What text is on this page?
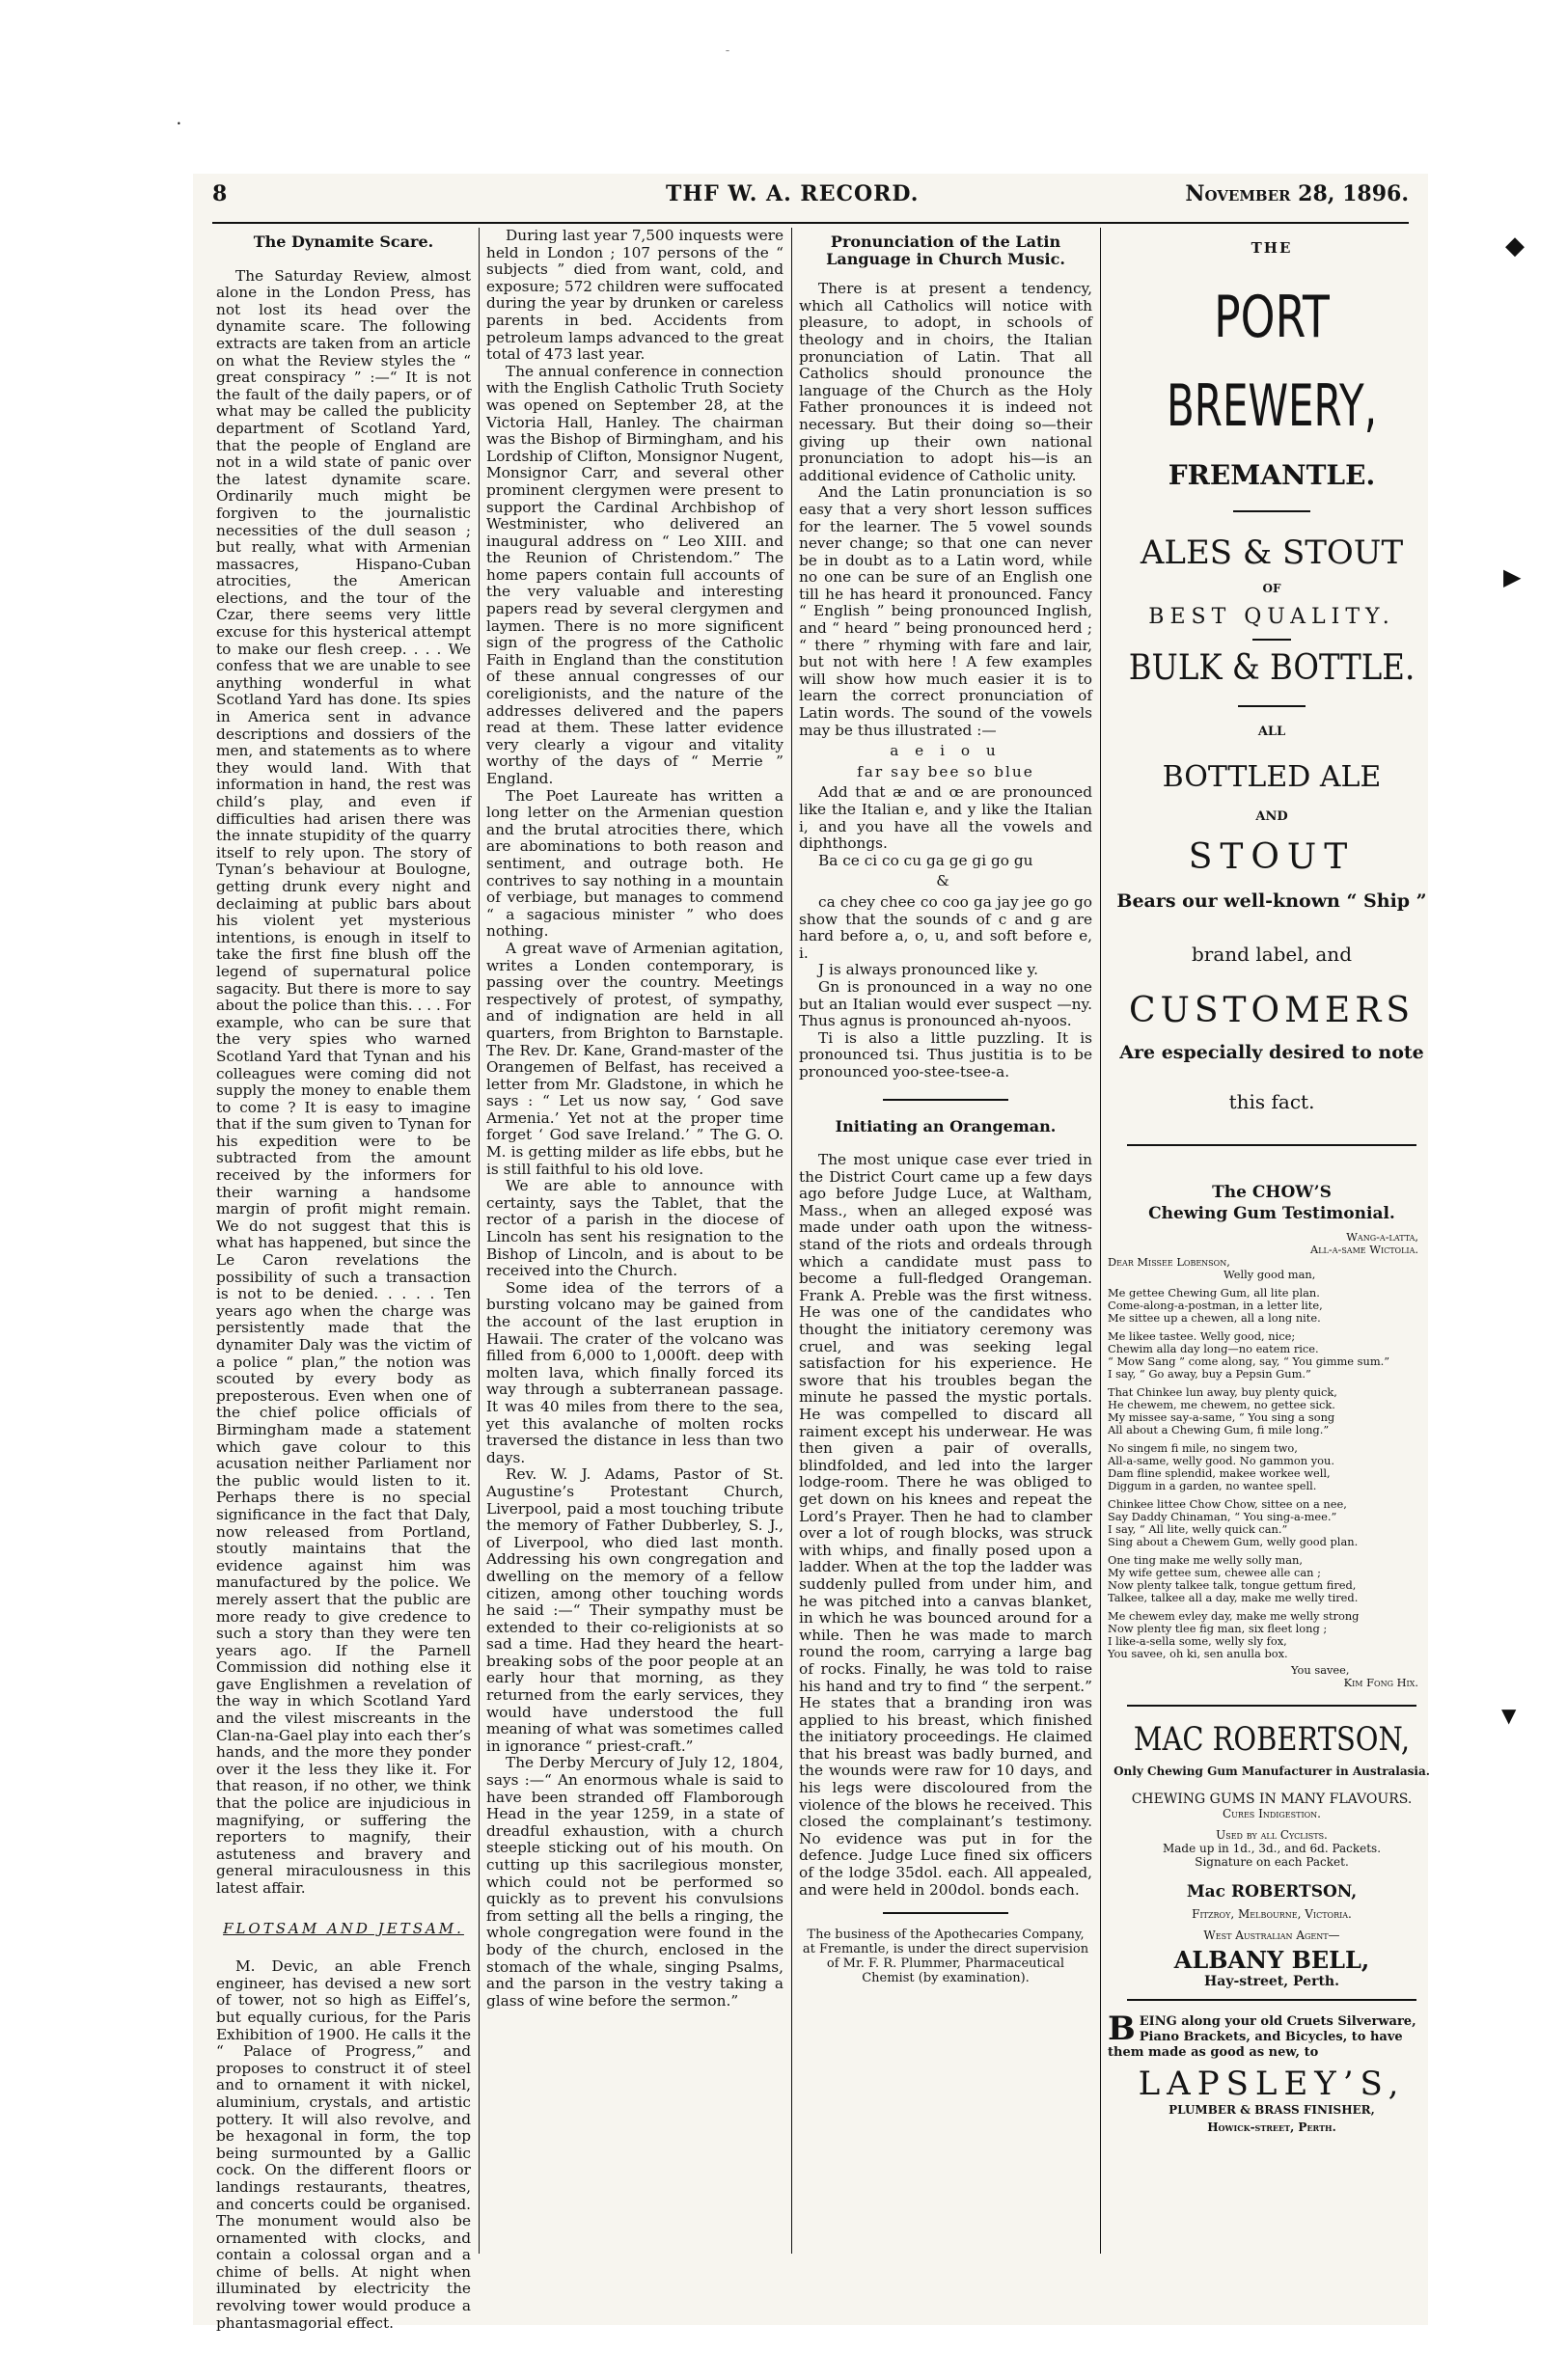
•
–
◆
▶
▼
8	THF W. A. RECORD.	November 28, 1896.
The Dynamite Scare.

The Saturday Review, almost alone in the London Press, has not lost its head over the dynamite scare. The following extracts are taken from an article on what the Review styles the “ great conspiracy ” :—“ It is not the fault of the daily papers, or of what may be called the publicity department of Scotland Yard, that the people of England are not in a wild state of panic over the latest dynamite scare. Ordinarily much might be forgiven to the journalistic necessities of the dull season ; but really, what with Armenian massacres, Hispano-Cuban atrocities, the American elections, and the tour of the Czar, there seems very little excuse for this hysterical attempt to make our flesh creep. . . . We confess that we are unable to see anything wonderful in what Scotland Yard has done. Its spies in America sent in advance descriptions and dossiers of the men, and statements as to where they would land. With that information in hand, the rest was child’s play, and even if difficulties had arisen there was the innate stupidity of the quarry itself to rely upon. The story of Tynan’s behaviour at Boulogne, getting drunk every night and declaiming at public bars about his violent yet mysterious intentions, is enough in itself to take the first fine blush off the legend of supernatural police sagacity. But there is more to say about the police than this. . . . For example, who can be sure that the very spies who warned Scotland Yard that Tynan and his colleagues were coming did not supply the money to enable them to come ? It is easy to imagine that if the sum given to Tynan for his expedition were to be subtracted from the amount received by the informers for their warning a handsome margin of profit might remain. We do not suggest that this is what has happened, but since the Le Caron revelations the possibility of such a transaction is not to be denied. . . . . Ten years ago when the charge was persistently made that the dynamiter Daly was the victim of a police “ plan,” the notion was scouted by every body as preposterous. Even when one of the chief police officials of Birmingham made a statement which gave colour to this acusation neither Parliament nor the public would listen to it. Perhaps there is no special significance in the fact that Daly, now released from Portland, stoutly maintains that the evidence against him was manufactured by the police. We merely assert that the public are more ready to give credence to such a story than they were ten years ago. If the Parnell Commission did nothing else it gave Englishmen a revelation of the way in which Scotland Yard and the vilest miscreants in the Clan-na-Gael play into each ther’s hands, and the more they ponder over it the less they like it. For that reason, if no other, we think that the police are injudicious in magnifying, or suffering the reporters to magnify, their astuteness and bravery and general miraculousness in this latest affair.

FLOTSAM AND JETSAM.

M. Devic, an able French engineer, has devised a new sort of tower, not so high as Eiffel’s, but equally curious, for the Paris Exhibition of 1900. He calls it the “ Palace of Progress,” and proposes to construct it of steel and to ornament it with nickel, aluminium, crystals, and artistic pottery. It will also revolve, and be hexagonal in form, the top being surmounted by a Gallic cock. On the different floors or landings restaurants, theatres, and concerts could be organised. The monument would also be ornamented with clocks, and contain a colossal organ and a chime of bells. At night when illuminated by electricity the revolving tower would produce a phantasmagorial effect.

During last year 7,500 inquests were held in London ; 107 persons of the “ subjects ” died from want, cold, and exposure; 572 children were suffocated during the year by drunken or careless parents in bed. Accidents from petroleum lamps advanced to the great total of 473 last year.

The annual conference in connection with the English Catholic Truth Society was opened on September 28, at the Victoria Hall, Hanley. The chairman was the Bishop of Birmingham, and his Lordship of Clifton, Monsignor Nugent, Monsignor Carr, and several other prominent clergymen were present to support the Cardinal Archbishop of Westminister, who delivered an inaugural address on “ Leo XIII. and the Reunion of Christendom.” The home papers contain full accounts of the very valuable and interesting papers read by several clergymen and laymen. There is no more significent sign of the progress of the Catholic Faith in England than the constitution of these annual congresses of our coreligionists, and the nature of the addresses delivered and the papers read at them. These latter evidence very clearly a vigour and vitality worthy of the days of “ Merrie ” England.

The Poet Laureate has written a long letter on the Armenian question and the brutal atrocities there, which are abominations to both reason and sentiment, and outrage both. He contrives to say nothing in a mountain of verbiage, but manages to commend “ a sagacious minister ” who does nothing.

A great wave of Armenian agitation, writes a Londen contemporary, is passing over the country. Meetings respectively of protest, of sympathy, and of indignation are held in all quarters, from Brighton to Barnstaple. The Rev. Dr. Kane, Grand-master of the Orangemen of Belfast, has received a letter from Mr. Gladstone, in which he says : “ Let us now say, ‘ God save Armenia.’ Yet not at the proper time forget ‘ God save Ireland.’ ” The G. O. M. is getting milder as life ebbs, but he is still faithful to his old love.

We are able to announce with certainty, says the Tablet, that the rector of a parish in the diocese of Lincoln has sent his resignation to the Bishop of Lincoln, and is about to be received into the Church.

Some idea of the terrors of a bursting volcano may be gained from the account of the last eruption in Hawaii. The crater of the volcano was filled from 6,000 to 1,000ft. deep with molten lava, which finally forced its way through a subterranean passage. It was 40 miles from there to the sea, yet this avalanche of molten rocks traversed the distance in less than two days.

Rev. W. J. Adams, Pastor of St. Augustine’s Protestant Church, Liverpool, paid a most touching tribute the memory of Father Dubberley, S. J., of Liverpool, who died last month. Addressing his own congregation and dwelling on the memory of a fellow citizen, among other touching words he said :—“ Their sympathy must be extended to their co-religionists at so sad a time. Had they heard the heart-breaking sobs of the poor people at an early hour that morning, as they returned from the early services, they would have understood the full meaning of what was sometimes called in ignorance “ priest-craft.”

The Derby Mercury of July 12, 1804, says :—“ An enormous whale is said to have been stranded off Flamborough Head in the year 1259, in a state of dreadful exhaustion, with a church steeple sticking out of his mouth. On cutting up this sacrilegious monster, which could not be performed so quickly as to prevent his convulsions from setting all the bells a ringing, the whole congregation were found in the body of the church, enclosed in the stomach of the whale, singing Psalms, and the parson in the vestry taking a glass of wine before the sermon.”

Pronunciation of the Latin Language in Church Music.

There is at present a tendency, which all Catholics will notice with pleasure, to adopt, in schools of theology and in choirs, the Italian pronunciation of Latin. That all Catholics should pronounce the language of the Church as the Holy Father pronounces it is indeed not necessary. But their doing so—their giving up their own national pronunciation to adopt his—is an additional evidence of Catholic unity.

And the Latin pronunciation is so easy that a very short lesson suffices for the learner. The 5 vowel sounds never change; so that one can never be in doubt as to a Latin word, while no one can be sure of an English one till he has heard it pronounced. Fancy “ English ” being pronounced Inglish, and “ heard ” being pronounced herd ; “ there ” rhyming with fare and lair, but not with here ! A few examples will show how much easier it is to learn the correct pronunciation of Latin words. The sound of the vowels may be thus illustrated :—

a e i o u
far say bee so blue

Add that æ and œ are pronounced like the Italian e, and y like the Italian i, and you have all the vowels and diphthongs.

Ba ce ci co cu ga ge gi go gu

&

ca chey chee co coo ga jay jee go go show that the sounds of c and g are hard before a, o, u, and soft before e, i.

J is always pronounced like y.

Gn is pronounced in a way no one but an Italian would ever suspect —ny. Thus agnus is pronounced ah-nyoos.

Ti is also a little puzzling. It is pronounced tsi. Thus justitia is to be pronounced yoo-stee-tsee-a.

Initiating an Orangeman.

The most unique case ever tried in the District Court came up a few days ago before Judge Luce, at Waltham, Mass., when an alleged exposé was made under oath upon the witness-stand of the riots and ordeals through which a candidate must pass to become a full-fledged Orangeman. Frank A. Preble was the first witness. He was one of the candidates who thought the initiatory ceremony was cruel, and was seeking legal satisfaction for his experience. He swore that his troubles began the minute he passed the mystic portals. He was compelled to discard all raiment except his underwear. He was then given a pair of overalls, blindfolded, and led into the larger lodge-room. There he was obliged to get down on his knees and repeat the Lord’s Prayer. Then he had to clamber over a lot of rough blocks, was struck with whips, and finally posed upon a ladder. When at the top the ladder was suddenly pulled from under him, and he was pitched into a canvas blanket, in which he was bounced around for a while. Then he was made to march round the room, carrying a large bag of rocks. Finally, he was told to raise his hand and try to find “ the serpent.” He states that a branding iron was applied to his breast, which finished the initiatory proceedings. He claimed that his breast was badly burned, and the wounds were raw for 10 days, and his legs were discoloured from the violence of the blows he received. This closed the complainant’s testimony. No evidence was put in for the defence. Judge Luce fined six officers of the lodge 35dol. each. All appealed, and were held in 200dol. bonds each.

The business of the Apothecaries Company, at Fremantle, is under the direct supervision of Mr. F. R. Plummer, Pharmaceutical Chemist (by examination).
THE
PORT
BREWERY,
FREMANTLE.
ALES & STOUT
OF
BEST QUALITY.
BULK & BOTTLE.
ALL
BOTTLED ALE
AND
STOUT
Bears our well-known “ Ship ”
brand label, and
CUSTOMERS
Are especially desired to note
this fact.
The CHOW’S
Chewing Gum Testimonial.
Wang-a-latta,
All-a-same Wictolia.
Dear Missee Lobenson,
Welly good man,
Me gettee Chewing Gum, all lite plan.
Come-along-a-postman, in a letter lite,
Me sittee up a chewen, all a long nite.
Me likee tastee. Welly good, nice;
Chewim alla day long—no eatem rice.
“ Mow Sang ” come along, say, “ You gimme sum.”
I say, “ Go away, buy a Pepsin Gum.”
That Chinkee lun away, buy plenty quick,
He chewem, me chewem, no gettee sick.
My missee say-a-same, “ You sing a song
All about a Chewing Gum, fi mile long.”
No singem fi mile, no singem two,
All-a-same, welly good. No gammon you.
Dam fline splendid, makee workee well,
Diggum in a garden, no wantee spell.
Chinkee littee Chow Chow, sittee on a nee,
Say Daddy Chinaman, “ You sing-a-mee.”
I say, “ All lite, welly quick can.”
Sing about a Chewem Gum, welly good plan.
One ting make me welly solly man,
My wife gettee sum, chewee alle can ;
Now plenty talkee talk, tongue gettum fired,
Talkee, talkee all a day, make me welly tired.
Me chewem evley day, make me welly strong
Now plenty tlee fig man, six fleet long ;
I like-a-sella some, welly sly fox,
You savee, oh ki, sen anulla box.
You savee,
Kim Fong Hix.
MAC ROBERTSON,
Only Chewing Gum Manufacturer in Australasia.
CHEWING GUMS IN MANY FLAVOURS.
Cures Indigestion.
Used by all Cyclists.
Made up in 1d., 3d., and 6d. Packets.
Signature on each Packet.
Mac ROBERTSON,
Fitzroy, Melbourne, Victoria.
West Australian Agent—
ALBANY BELL,
Hay-street, Perth.
B EING along your old Cruets Silverware, Piano Brackets, and Bicycles, to have them made as good as new, to
LAPSLEY’S,
PLUMBER & BRASS FINISHER,
Howick-street, Perth.
